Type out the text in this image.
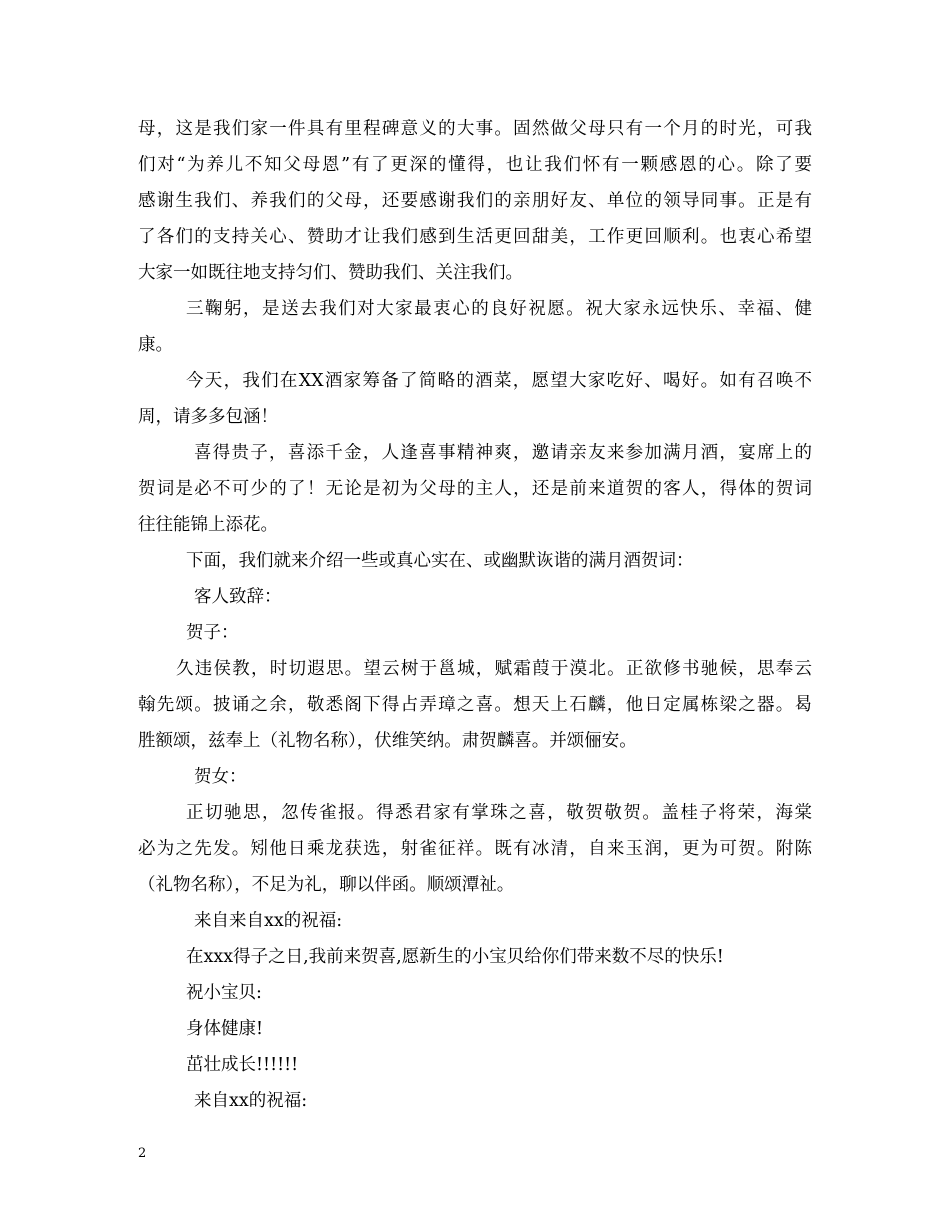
母，这是我们家一件具有里程碑意义的大事。固然做父母只有一个月的时光，可我
们对“为养儿不知父母恩”有了更深的懂得，也让我们怀有一颗感恩的心。除了要
感谢生我们、养我们的父母，还要感谢我们的亲朋好友、单位的领导同事。正是有
了各们的支持关心、赞助才让我们感到生活更回甜美，工作更回顺利。也衷心希望
大家一如既往地支持匀们、赞助我们、关注我们。
三鞠躬，是送去我们对大家最衷心的良好祝愿。祝大家永远快乐、幸福、健
康。
今天，我们在XX酒家筹备了简略的酒菜，愿望大家吃好、喝好。如有召唤不
周，请多多包涵！
喜得贵子，喜添千金，人逢喜事精神爽，邀请亲友来参加满月酒，宴席上的
贺词是必不可少的了！无论是初为父母的主人，还是前来道贺的客人，得体的贺词
往往能锦上添花。
下面，我们就来介绍一些或真心实在、或幽默诙谐的满月酒贺词：
客人致辞：
贺子：
久违侯教，时切遐思。望云树于邕城，赋霜葭于漠北。正欲修书驰候，思奉云
翰先颂。披诵之余，敬悉阁下得占弄璋之喜。想天上石麟，他日定属栋梁之器。曷
胜额颂，兹奉上（礼物名称），伏维笑纳。肃贺麟喜。并颂俪安。
贺女：
正切驰思，忽传雀报。得悉君家有掌珠之喜，敬贺敬贺。盖桂子将荣，海棠
必为之先发。矧他日乘龙获选，射雀征祥。既有冰清，自来玉润，更为可贺。附陈
（礼物名称），不足为礼，聊以伴函。顺颂潭祉。
来自来自xx的祝福:
在xxx得子之日,我前来贺喜,愿新生的小宝贝给你们带来数不尽的快乐!
祝小宝贝:
身体健康!
茁壮成长!!!!!!
来自xx的祝福:
2
